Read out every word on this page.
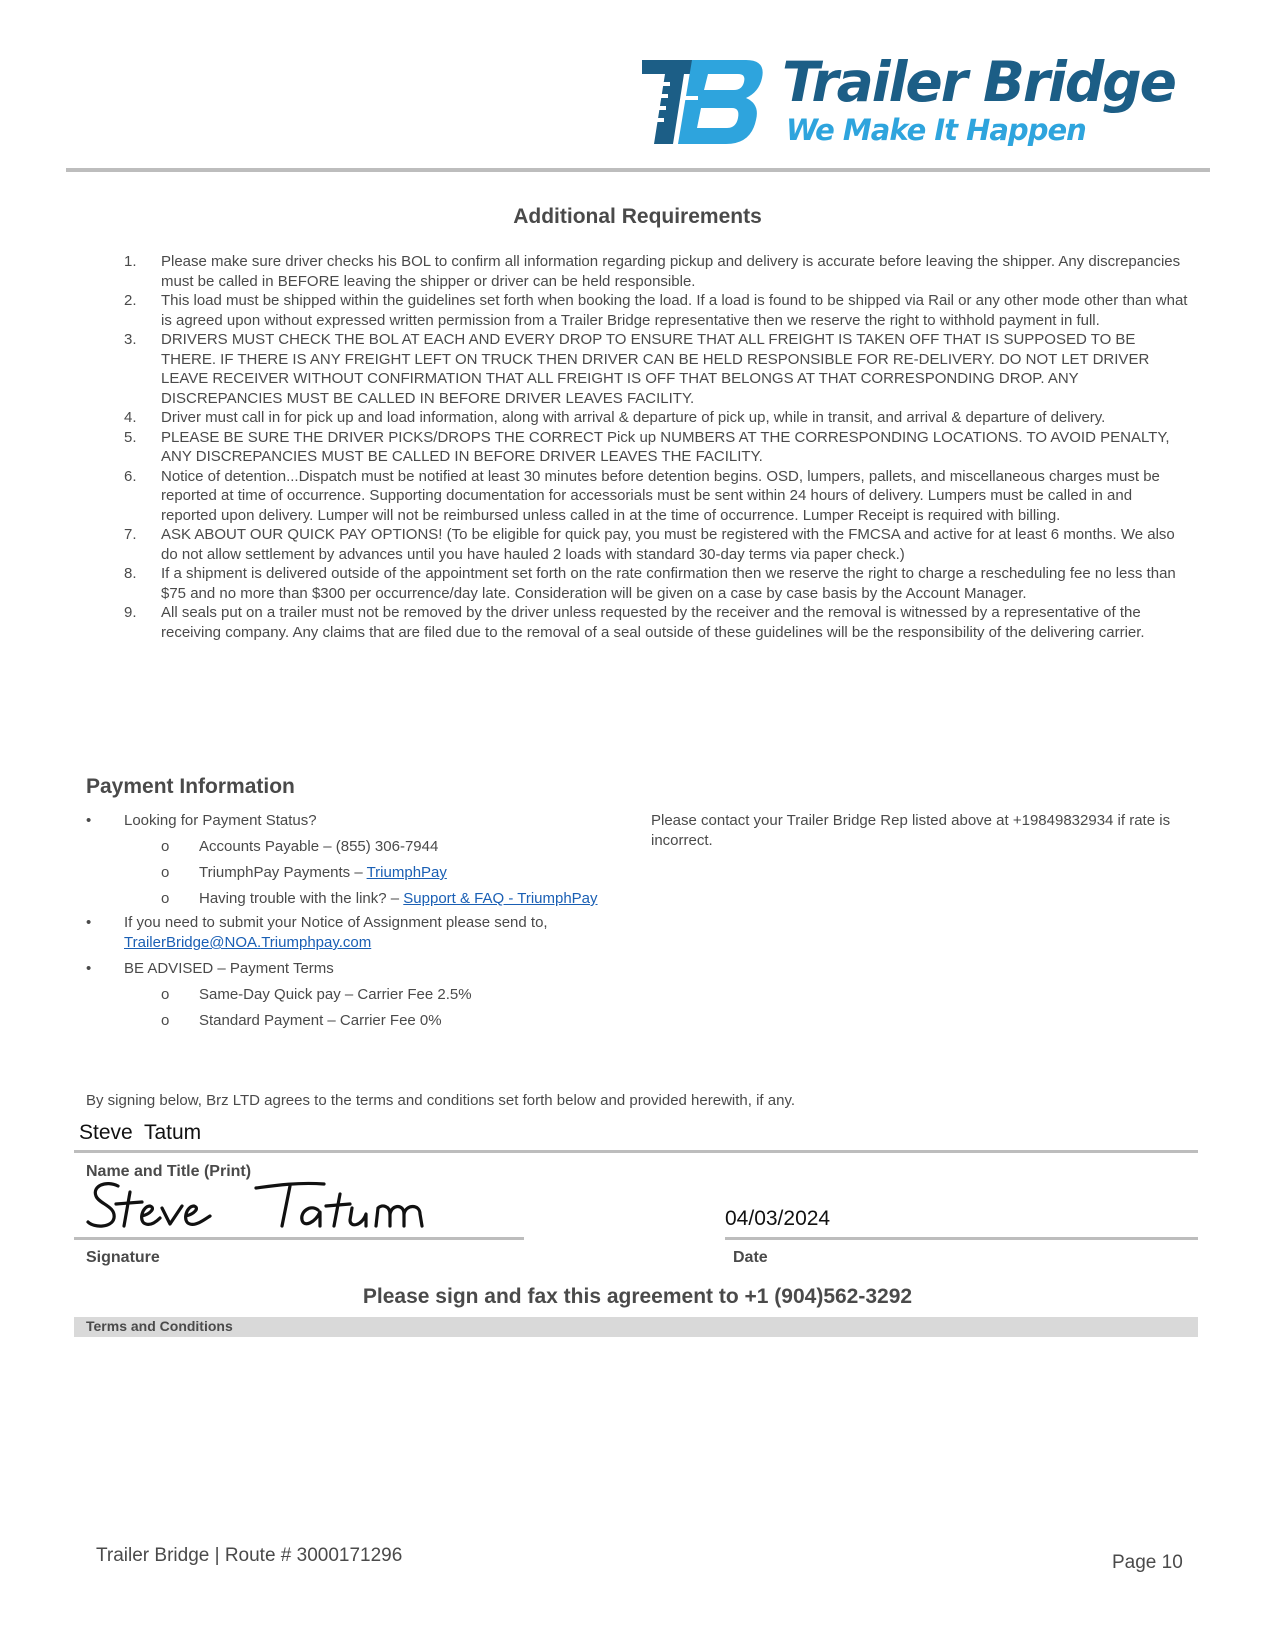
Trailer Bridge
We Make It Happen
Additional Requirements
1. Please make sure driver checks his BOL to confirm all information regarding pickup and delivery is accurate before leaving the shipper. Any discrepancies must be called in BEFORE leaving the shipper or driver can be held responsible.
2. This load must be shipped within the guidelines set forth when booking the load. If a load is found to be shipped via Rail or any other mode other than what is agreed upon without expressed written permission from a Trailer Bridge representative then we reserve the right to withhold payment in full.
3. DRIVERS MUST CHECK THE BOL AT EACH AND EVERY DROP TO ENSURE THAT ALL FREIGHT IS TAKEN OFF THAT IS SUPPOSED TO BE THERE. IF THERE IS ANY FREIGHT LEFT ON TRUCK THEN DRIVER CAN BE HELD RESPONSIBLE FOR RE-DELIVERY. DO NOT LET DRIVER LEAVE RECEIVER WITHOUT CONFIRMATION THAT ALL FREIGHT IS OFF THAT BELONGS AT THAT CORRESPONDING DROP. ANY DISCREPANCIES MUST BE CALLED IN BEFORE DRIVER LEAVES FACILITY.
4. Driver must call in for pick up and load information, along with arrival & departure of pick up, while in transit, and arrival & departure of delivery.
5. PLEASE BE SURE THE DRIVER PICKS/DROPS THE CORRECT Pick up NUMBERS AT THE CORRESPONDING LOCATIONS. TO AVOID PENALTY, ANY DISCREPANCIES MUST BE CALLED IN BEFORE DRIVER LEAVES THE FACILITY.
6. Notice of detention...Dispatch must be notified at least 30 minutes before detention begins. OSD, lumpers, pallets, and miscellaneous charges must be reported at time of occurrence. Supporting documentation for accessorials must be sent within 24 hours of delivery. Lumpers must be called in and reported upon delivery. Lumper will not be reimbursed unless called in at the time of occurrence. Lumper Receipt is required with billing.
7. ASK ABOUT OUR QUICK PAY OPTIONS! (To be eligible for quick pay, you must be registered with the FMCSA and active for at least 6 months. We also do not allow settlement by advances until you have hauled 2 loads with standard 30-day terms via paper check.)
8. If a shipment is delivered outside of the appointment set forth on the rate confirmation then we reserve the right to charge a rescheduling fee no less than $75 and no more than $300 per occurrence/day late. Consideration will be given on a case by case basis by the Account Manager.
9. All seals put on a trailer must not be removed by the driver unless requested by the receiver and the removal is witnessed by a representative of the receiving company. Any claims that are filed due to the removal of a seal outside of these guidelines will be the responsibility of the delivering carrier.
Payment Information
• Looking for Payment Status?
o Accounts Payable – (855) 306-7944
o TriumphPay Payments – TriumphPay
o Having trouble with the link? – Support & FAQ - TriumphPay
• If you need to submit your Notice of Assignment please send to,
TrailerBridge@NOA.Triumphpay.com
• BE ADVISED – Payment Terms
o Same-Day Quick pay – Carrier Fee 2.5%
o Standard Payment – Carrier Fee 0%
Please contact your Trailer Bridge Rep listed above at +19849832934 if rate is incorrect.
By signing below, Brz LTD agrees to the terms and conditions set forth below and provided herewith, if any.
Steve  Tatum
Name and Title (Print)
04/03/2024
Signature	Date
Please sign and fax this agreement to +1 (904)562-3292
Terms and Conditions
Trailer Bridge | Route # 3000171296	Page 10
